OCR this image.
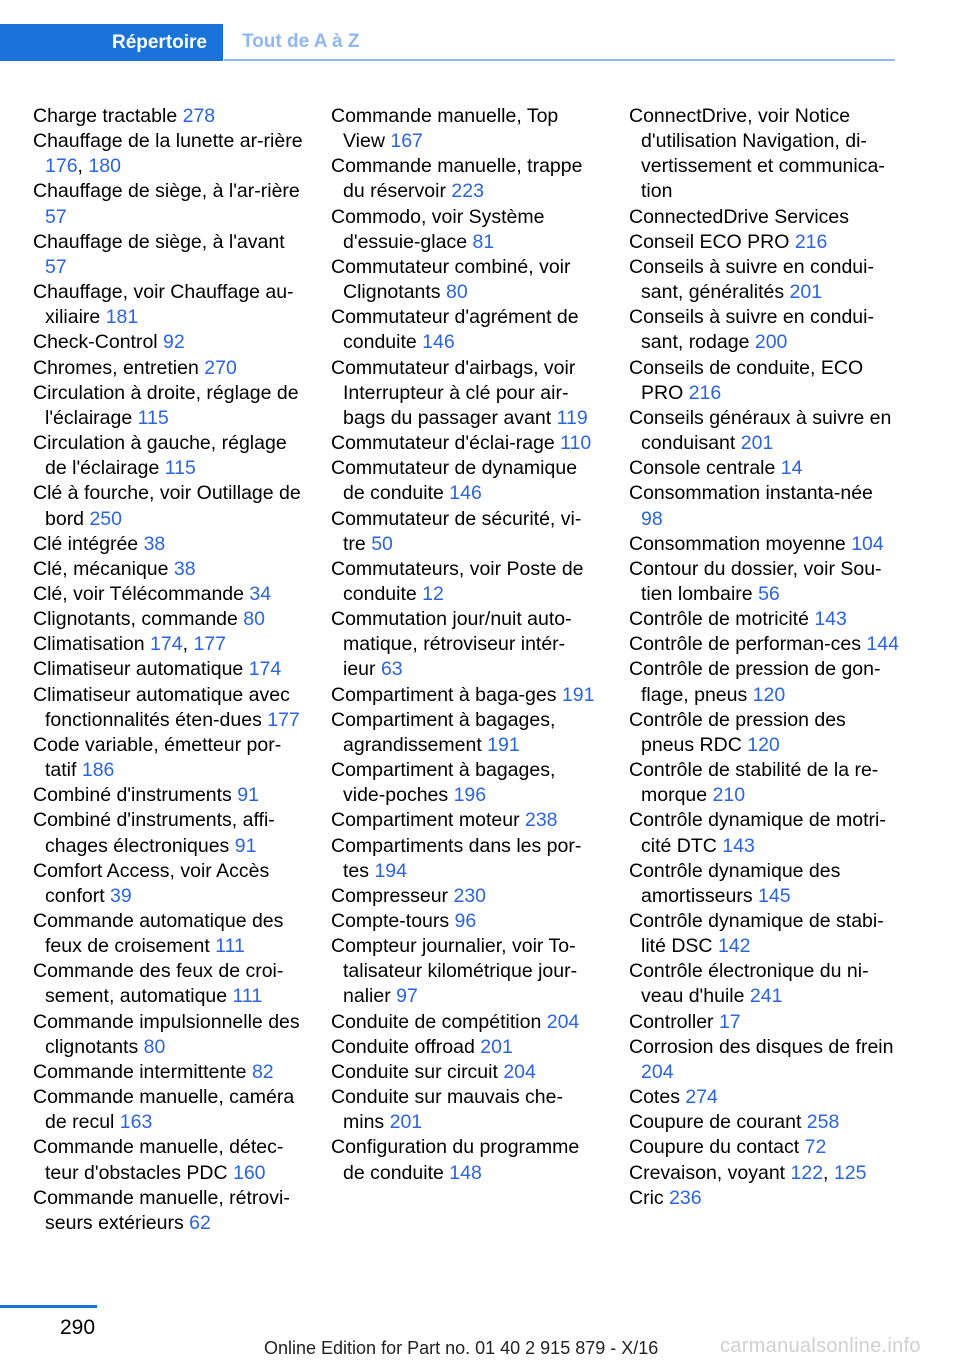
Répertoire	Tout de A à Z
Charge tractable 278
Chauffage de la lunette ar-rière 176, 180
Chauffage de siège, à l'ar-rière 57
Chauffage de siège, à l'avant 57
Chauffage, voir Chauffage au-xiliaire 181
Check-Control 92
Chromes, entretien 270
Circulation à droite, réglage de l'éclairage 115
Circulation à gauche, réglage de l'éclairage 115
Clé à fourche, voir Outillage de bord 250
Clé intégrée 38
Clé, mécanique 38
Clé, voir Télécommande 34
Clignotants, commande 80
Climatisation 174, 177
Climatiseur automatique 174
Climatiseur automatique avec fonctionnalités éten-dues 177
Code variable, émetteur por-tatif 186
Combiné d'instruments 91
Combiné d'instruments, affi-chages électroniques 91
Comfort Access, voir Accès confort 39
Commande automatique des feux de croisement 111
Commande des feux de croi-sement, automatique 111
Commande impulsionnelle des clignotants 80
Commande intermittente 82
Commande manuelle, caméra de recul 163
Commande manuelle, détec-teur d'obstacles PDC 160
Commande manuelle, rétrovi-seurs extérieurs 62
Commande manuelle, Top View 167
Commande manuelle, trappe du réservoir 223
Commodo, voir Système d'essuie-glace 81
Commutateur combiné, voir Clignotants 80
Commutateur d'agrément de conduite 146
Commutateur d'airbags, voir Interrupteur à clé pour air-bags du passager avant 119
Commutateur d'éclai-rage 110
Commutateur de dynamique de conduite 146
Commutateur de sécurité, vi-tre 50
Commutateurs, voir Poste de conduite 12
Commutation jour/nuit auto-matique, rétroviseur intér-ieur 63
Compartiment à baga-ges 191
Compartiment à bagages, agrandissement 191
Compartiment à bagages, vide-poches 196
Compartiment moteur 238
Compartiments dans les por-tes 194
Compresseur 230
Compte-tours 96
Compteur journalier, voir To-talisateur kilométrique jour-nalier 97
Conduite de compétition 204
Conduite offroad 201
Conduite sur circuit 204
Conduite sur mauvais che-mins 201
Configuration du programme de conduite 148
ConnectDrive, voir Notice d'utilisation Navigation, di-vertissement et communica-tion
ConnectedDrive Services
Conseil ECO PRO 216
Conseils à suivre en condui-sant, généralités 201
Conseils à suivre en condui-sant, rodage 200
Conseils de conduite, ECO PRO 216
Conseils généraux à suivre en conduisant 201
Console centrale 14
Consommation instanta-née 98
Consommation moyenne 104
Contour du dossier, voir Sou-tien lombaire 56
Contrôle de motricité 143
Contrôle de performan-ces 144
Contrôle de pression de gon-flage, pneus 120
Contrôle de pression des pneus RDC 120
Contrôle de stabilité de la re-morque 210
Contrôle dynamique de motri-cité DTC 143
Contrôle dynamique des amortisseurs 145
Contrôle dynamique de stabi-lité DSC 142
Contrôle électronique du ni-veau d'huile 241
Controller 17
Corrosion des disques de frein 204
Cotes 274
Coupure de courant 258
Coupure du contact 72
Crevaison, voyant 122, 125
Cric 236
290
Online Edition for Part no. 01 40 2 915 879 - X/16	carmanualsonline.info
